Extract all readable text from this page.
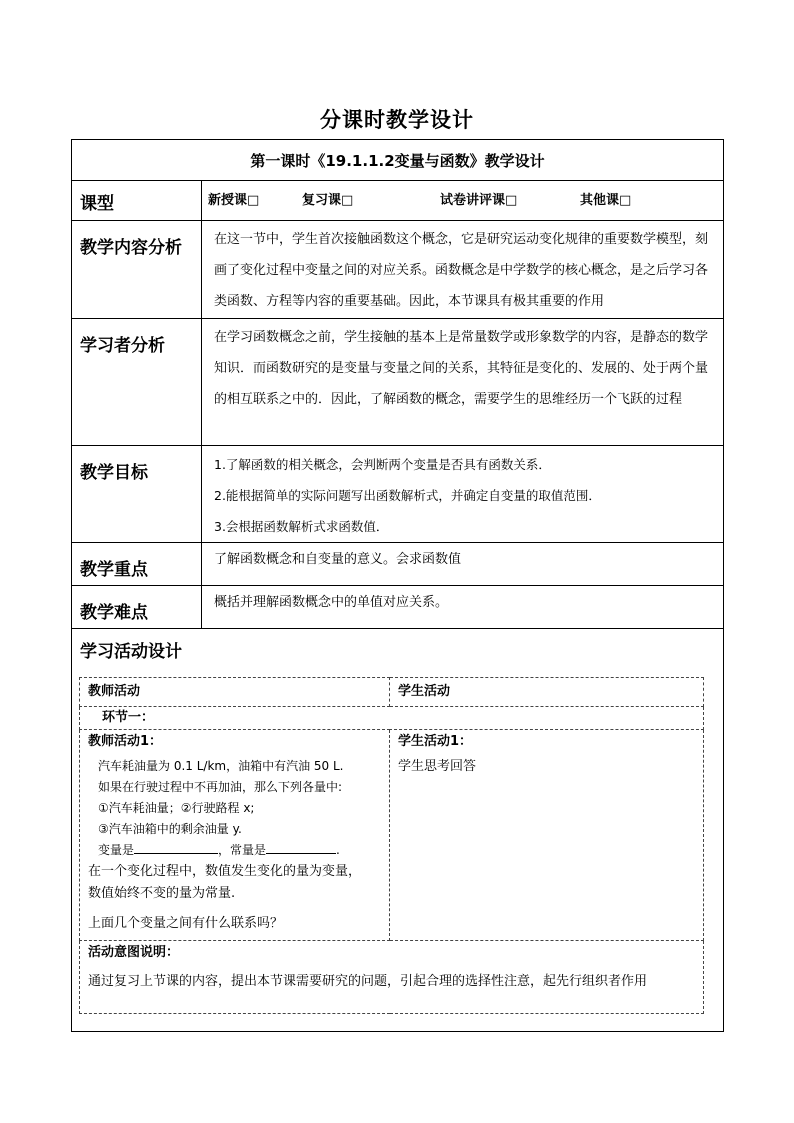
分课时教学设计
第一课时《19.1.1.2变量与函数》教学设计
课型	新授课□	复习课□	试卷讲评课□	其他课□
教学内容分析	在这一节中，学生首次接触函数这个概念，它是研究运动变化规律的重要数学模型，刻画了变化过程中变量之间的对应关系。函数概念是中学数学的核心概念，是之后学习各类函数、方程等内容的重要基础。因此，本节课具有极其重要的作用
学习者分析	在学习函数概念之前，学生接触的基本上是常量数学或形象数学的内容，是静态的数学知识．而函数研究的是变量与变量之间的关系，其特征是变化的、发展的、处于两个量的相互联系之中的．因此，了解函数的概念，需要学生的思维经历一个飞跃的过程
教学目标	1.了解函数的相关概念，会判断两个变量是否具有函数关系．
2.能根据简单的实际问题写出函数解析式，并确定自变量的取值范围．
3.会根据函数解析式求函数值．

教学重点	了解函数概念和自变量的意义。会求函数值
教学难点	概括并理解函数概念中的单值对应关系。

学习活动设计
教师活动	学生活动
环节一：

教师活动1：
汽车耗油量为 0.1 L/km，油箱中有汽油 50 L.
如果在行驶过程中不再加油，那么下列各量中:
①汽车耗油量；②行驶路程 x;
③汽车油箱中的剩余油量 y.
变量是	，常量是	.
在一个变化过程中，数值发生变化的量为变量，
数值始终不变的量为常量.
上面几个变量之间有什么联系吗？

学生活动1：
学生思考回答

活动意图说明：
通过复习上节课的内容，提出本节课需要研究的问题，引起合理的选择性注意，起先行组织者作用
